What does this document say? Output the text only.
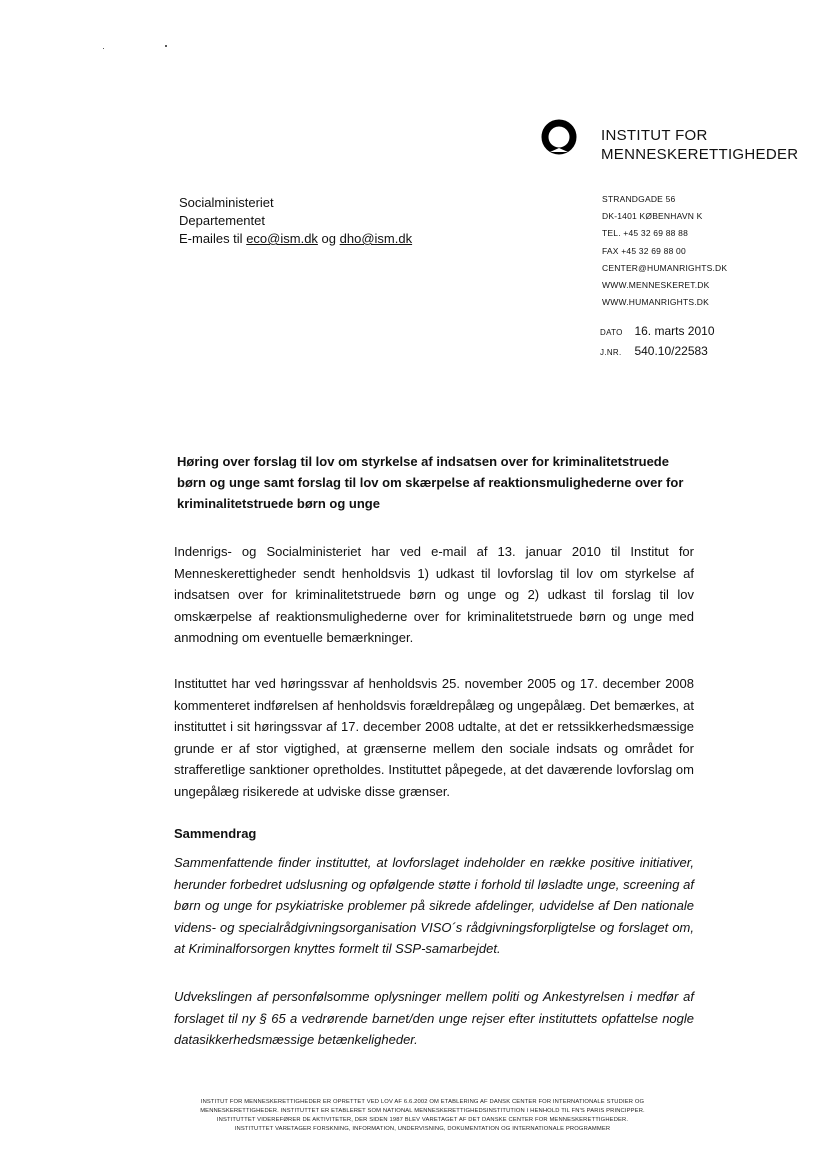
INSTITUT FOR
MENNESKERETTIGHEDER
Socialministeriet
Departementet
E-mailes til eco@ism.dk og dho@ism.dk
STRANDGADE 56
DK-1401 KØBENHAVN K
TEL. +45 32 69 88 88
FAX +45 32 69 88 00
CENTER@HUMANRIGHTS.DK
WWW.MENNESKERET.DK
WWW.HUMANRIGHTS.DK
DATO 16. marts 2010
J.NR. 540.10/22583
Høring over forslag til lov om styrkelse af indsatsen over for kriminalitetstruede børn og unge samt forslag til lov om skærpelse af reaktionsmulighederne over for kriminalitetstruede børn og unge
Indenrigs- og Socialministeriet har ved e-mail af 13. januar 2010 til Institut for Menneskerettigheder sendt henholdsvis 1) udkast til lovforslag til lov om styrkelse af indsatsen over for kriminalitetstruede børn og unge og 2) udkast til forslag til lov omskærpelse af reaktionsmulighederne over for kriminalitetstruede børn og unge med anmodning om eventuelle bemærkninger.
Instituttet har ved høringssvar af henholdsvis 25. november 2005 og 17. december 2008 kommenteret indførelsen af henholdsvis forældrepålæg og ungepålæg. Det bemærkes, at instituttet i sit høringssvar af 17. december 2008 udtalte, at det er retssikkerhedsmæssige grunde er af stor vigtighed, at grænserne mellem den sociale indsats og området for strafferetlige sanktioner opretholdes. Instituttet påpegede, at det daværende lovforslag om ungepålæg risikerede at udviske disse grænser.
Sammendrag
Sammenfattende finder instituttet, at lovforslaget indeholder en række positive initiativer, herunder forbedret udslusning og opfølgende støtte i forhold til løsladte unge, screening af børn og unge for psykiatriske problemer på sikrede afdelinger, udvidelse af Den nationale videns- og specialrådgivningsorganisation VISO´s rådgivningsforpligtelse og forslaget om, at Kriminalforsorgen knyttes formelt til SSP-samarbejdet.
Udvekslingen af personfølsomme oplysninger mellem politi og Ankestyrelsen i medfør af forslaget til ny § 65 a vedrørende barnet/den unge rejser efter instituttets opfattelse nogle datasikkerhedsmæssige betænkeligheder.
INSTITUT FOR MENNESKERETTIGHEDER ER OPRETTET VED LOV AF 6.6.2002 OM ETABLERING AF DANSK CENTER FOR INTERNATIONALE STUDIER OG
MENNESKERETTIGHEDER. INSTITUTTET ER ETABLERET SOM NATIONAL MENNESKERETTIGHEDSINSTITUTION I HENHOLD TIL FN'S PARIS PRINCIPPER.
INSTITUTTET VIDEREFØRER DE AKTIVITETER, DER SIDEN 1987 BLEV VARETAGET AF DET DANSKE CENTER FOR MENNESKERETTIGHEDER.
INSTITUTTET VARETAGER FORSKNING, INFORMATION, UNDERVISNING, DOKUMENTATION OG INTERNATIONALE PROGRAMMER
